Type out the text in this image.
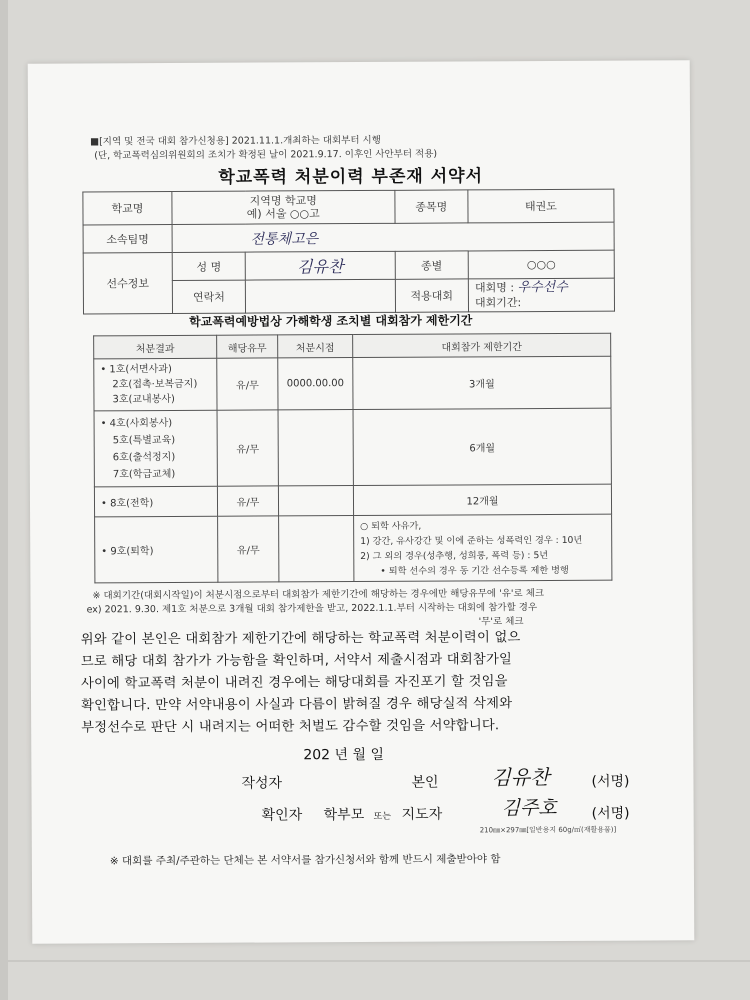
■[지역 및 전국 대회 참가신청용] 2021.11.1.개최하는 대회부터 시행
(단, 학교폭력심의위원회의 조치가 확정된 날이 2021.9.17. 이후인 사안부터 적용)
학교폭력 처분이력 부존재 서약서
학교명	지역명 학교명
예) 서울 ○○고		종목명	태권도
소속팀명	전통체고은			
선수정보	성 명	김유찬	종별	○○○
	연락처		적용대회	대회명 : 우수선수
대회기간:
학교폭력예방법상 가해학생 조치별 대회참가 제한기간
처분결과	해당유무	처분시점	대회참가 제한기간

• 1호(서면사과)
2호(접촉·보복금지)
3호(교내봉사)	유/무	0000.00.00	3개월

• 4호(사회봉사)
5호(특별교육)
6호(출석정지)
7호(학급교체)	유/무		6개월
• 8호(전학)	유/무		12개월
• 9호(퇴학)	유/무		○ 퇴학 사유가,
1) 강간, 유사강간 및 이에 준하는 성폭력인 경우 : 10년
2) 그 외의 경우(성추행, 성희롱, 폭력 등) : 5년
• 퇴학 선수의 경우 동 기간 선수등록 제한 병행
※ 대회기간(대회시작일)이 처분시점으로부터 대회참가 제한기간에 해당하는 경우에만 해당유무에 '유'로 체크
ex) 2021. 9.30. 제1호 처분으로 3개월 대회 참가제한을 받고, 2022.1.1.부터 시작하는 대회에 참가할 경우
'무'로 체크

위와 같이 본인은 대회참가 제한기간에 해당하는 학교폭력 처분이력이 없으

므로 해당 대회 참가가 가능함을 확인하며, 서약서 제출시점과 대회참가일

사이에 학교폭력 처분이 내려진 경우에는 해당대회를 자진포기 할 것임을

확인합니다. 만약 서약내용이 사실과 다름이 밝혀질 경우 해당실적 삭제와

부정선수로 판단 시 내려지는 어떠한 처벌도 감수할 것임을 서약합니다.

202 년 월 일
작성자	본인	김유찬	(서명)
확인자 학부모 또는 지도자	김주호 (서명)
210㎜×297㎜[일반용지 60g/㎡(재활용품)]
※ 대회를 주최/주관하는 단체는 본 서약서를 참가신청서와 함께 반드시 제출받아야 함
